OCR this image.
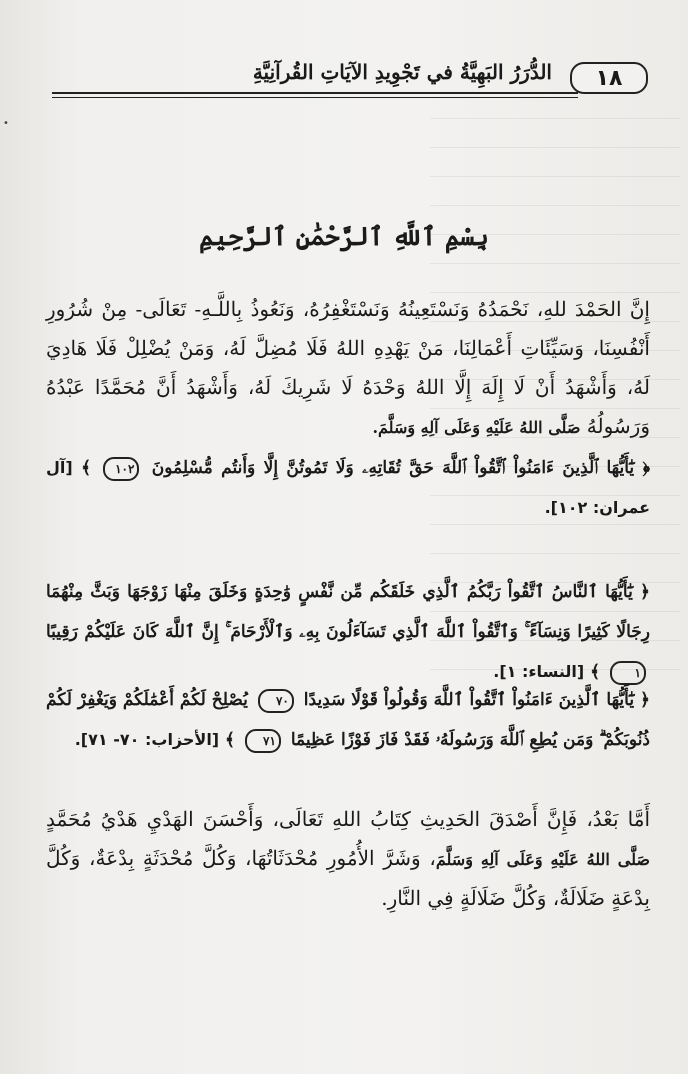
•
١٨
الدُّرَرُ البَهِيَّةُ في تَجْوِيدِ الآيَاتِ القُرآنِيَّةِ
بِسْمِ ٱللَّهِ ٱلرَّحْمَٰنِ ٱلرَّحِيمِ

إِنَّ الحَمْدَ للهِ، نَحْمَدُهُ وَنَسْتَعِينُهُ وَنَسْتَغْفِرُهُ، وَنَعُوذُ بِاللَّـهِ- تَعَالَى- مِنْ شُرُورِ أَنْفُسِنَا، وَسَيِّئَاتِ أَعْمَالِنَا، مَنْ يَهْدِهِ اللهُ فَلَا مُضِلَّ لَهُ، وَمَنْ يُضْلِلْ فَلَا هَادِيَ لَهُ، وَأَشْهَدُ أَنْ لَا إِلَهَ إِلَّا اللهُ وَحْدَهُ لَا شَرِيكَ لَهُ، وَأَشْهَدُ أَنَّ مُحَمَّدًا عَبْدُهُ وَرَسُولُهُ صَلَّى اللهُ عَلَيْهِ وَعَلَى آلِهِ وَسَلَّمَ.

﴿ يَٰٓأَيُّهَا ٱلَّذِينَ ءَامَنُواْ ٱتَّقُواْ ٱللَّهَ حَقَّ تُقَاتِهِۦ وَلَا تَمُوتُنَّ إِلَّا وَأَنتُم مُّسْلِمُونَ ١٠٢ ﴾ [آل عمران: ١٠٢].

﴿ يَٰٓأَيُّهَا ٱلنَّاسُ ٱتَّقُواْ رَبَّكُمُ ٱلَّذِي خَلَقَكُم مِّن نَّفْسٍ وَٰحِدَةٍ وَخَلَقَ مِنْهَا زَوْجَهَا وَبَثَّ مِنْهُمَا رِجَالًا كَثِيرًا وَنِسَآءً ۚ وَٱتَّقُواْ ٱللَّهَ ٱلَّذِي تَسَآءَلُونَ بِهِۦ وَٱلْأَرْحَامَ ۚ إِنَّ ٱللَّهَ كَانَ عَلَيْكُمْ رَقِيبًا ١ ﴾ [النساء: ١].

﴿ يَٰٓأَيُّهَا ٱلَّذِينَ ءَامَنُواْ ٱتَّقُواْ ٱللَّهَ وَقُولُواْ قَوْلًا سَدِيدًا ٧٠ يُصْلِحْ لَكُمْ أَعْمَٰلَكُمْ وَيَغْفِرْ لَكُمْ ذُنُوبَكُمْ ۗ وَمَن يُطِعِ ٱللَّهَ وَرَسُولَهُۥ فَقَدْ فَازَ فَوْزًا عَظِيمًا ٧١ ﴾ [الأحزاب: ٧٠- ٧١].

أَمَّا بَعْدُ، فَإِنَّ أَصْدَقَ الحَدِيثِ كِتَابُ اللهِ تَعَالَى، وَأَحْسَنَ الهَدْيِ هَدْيُ مُحَمَّدٍ صَلَّى اللهُ عَلَيْهِ وَعَلَى آلِهِ وَسَلَّمَ، وَشَرَّ الأُمُورِ مُحْدَثَاتُهَا، وَكُلَّ مُحْدَثَةٍ بِدْعَةٌ، وَكُلَّ بِدْعَةٍ ضَلَالَةٌ، وَكُلَّ ضَلَالَةٍ فِي النَّارِ.
